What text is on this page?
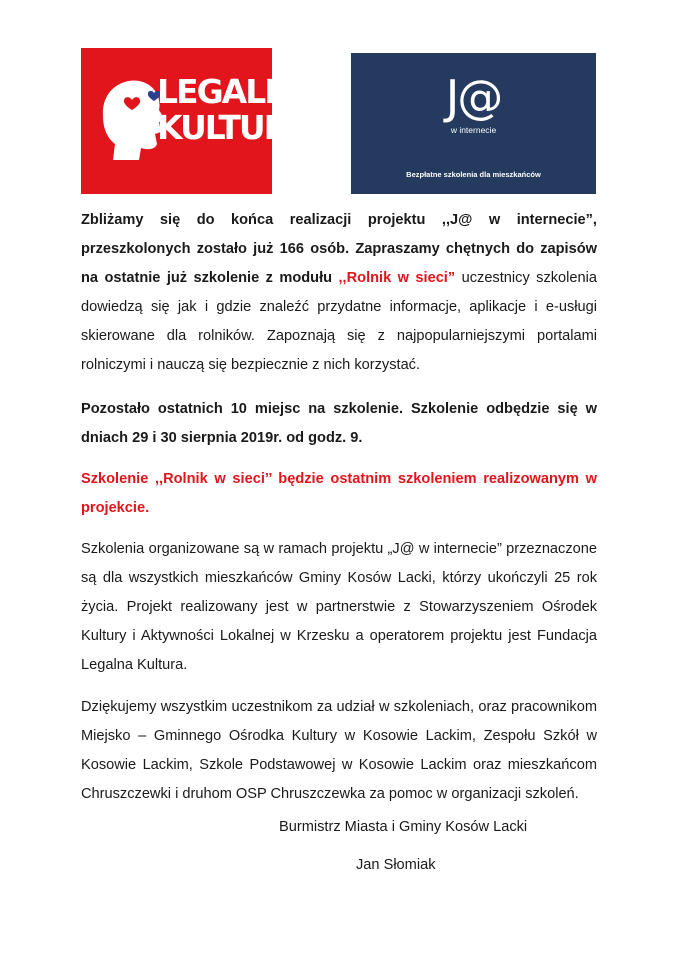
LEGALNA KULTURA
J@
w internecie
Bezpłatne szkolenia dla mieszkańców

Zbliżamy się do końca realizacji projektu ,,J@ w internecie”, przeszkolonych zostało już 166 osób. Zapraszamy chętnych do zapisów na ostatnie już szkolenie z modułu ,,Rolnik w sieci” uczestnicy szkolenia dowiedzą się jak i gdzie znaleźć przydatne informacje, aplikacje i e-usługi skierowane dla rolników. Zapoznają się z najpopularniejszymi portalami rolniczymi i nauczą się bezpiecznie z nich korzystać.

Pozostało ostatnich 10 miejsc na szkolenie. Szkolenie odbędzie się w dniach 29 i 30 sierpnia 2019r. od godz. 9.

Szkolenie ,,Rolnik w sieci’’ będzie ostatnim szkoleniem realizowanym w projekcie.

Szkolenia organizowane są w ramach projektu „J@ w internecie” przeznaczone są dla wszystkich mieszkańców Gminy Kosów Lacki, którzy ukończyli 25 rok życia. Projekt realizowany jest w partnerstwie z Stowarzyszeniem Ośrodek Kultury i Aktywności Lokalnej w Krzesku a operatorem projektu jest Fundacja Legalna Kultura.

Dziękujemy wszystkim uczestnikom za udział w szkoleniach, oraz pracownikom Miejsko – Gminnego Ośrodka Kultury w Kosowie Lackim, Zespołu Szkół w Kosowie Lackim, Szkole Podstawowej w Kosowie Lackim oraz mieszkańcom Chruszczewki i druhom OSP Chruszczewka za pomoc w organizacji szkoleń.

Burmistrz Miasta i Gminy Kosów Lacki
Jan Słomiak
